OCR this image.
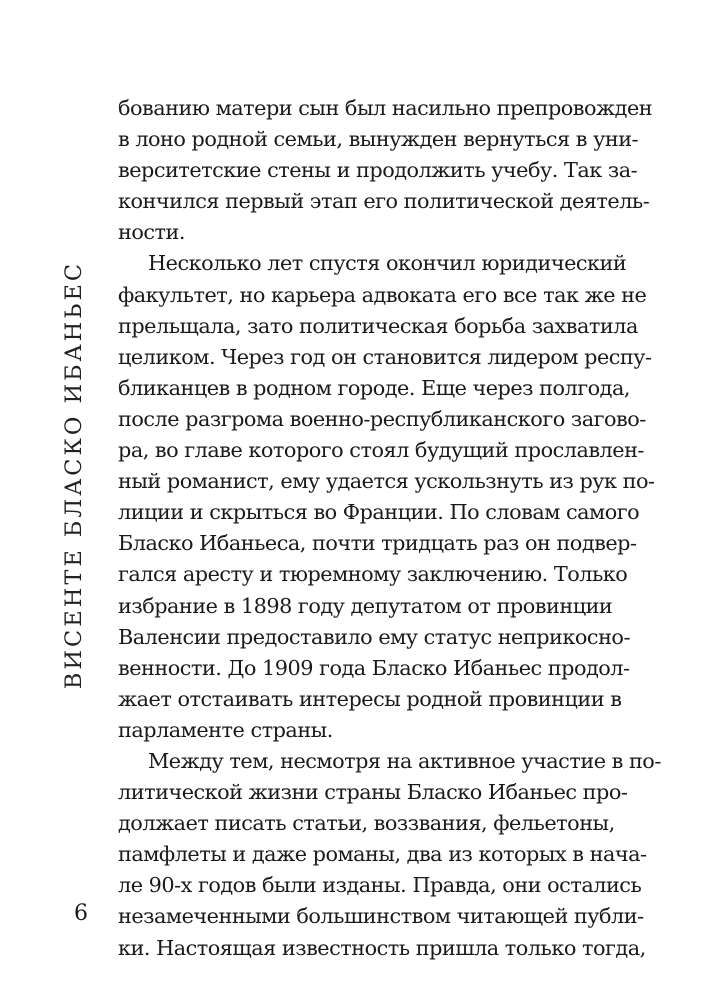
ВИСЕНТЕ БЛАСКО ИБАНЬЕС
бованию матери сын был насильно препровожден
в лоно родной семьи, вынужден вернуться в уни-
верситетские стены и продолжить учебу. Так за-
кончился первый этап его политической деятель-
ности.
Несколько лет спустя окончил юридический
факультет, но карьера адвоката его все так же не
прельщала, зато политическая борьба захватила
целиком. Через год он становится лидером респу-
бликанцев в родном городе. Еще через полгода,
после разгрома военно-республиканского загово-
ра, во главе которого стоял будущий прославлен-
ный романист, ему удается ускользнуть из рук по-
лиции и скрыться во Франции. По словам самого
Бласко Ибаньеса, почти тридцать раз он подвер-
гался аресту и тюремному заключению. Только
избрание в 1898 году депутатом от провинции
Валенсии предоставило ему статус неприкосно-
венности. До 1909 года Бласко Ибаньес продол-
жает отстаивать интересы родной провинции в
парламенте страны.
Между тем, несмотря на активное участие в по-
литической жизни страны Бласко Ибаньес про-
должает писать статьи, воззвания, фельетоны,
памфлеты и даже романы, два из которых в нача-
ле 90-х годов были изданы. Правда, они остались
незамеченными большинством читающей публи-
ки. Настоящая известность пришла только тогда,
6
